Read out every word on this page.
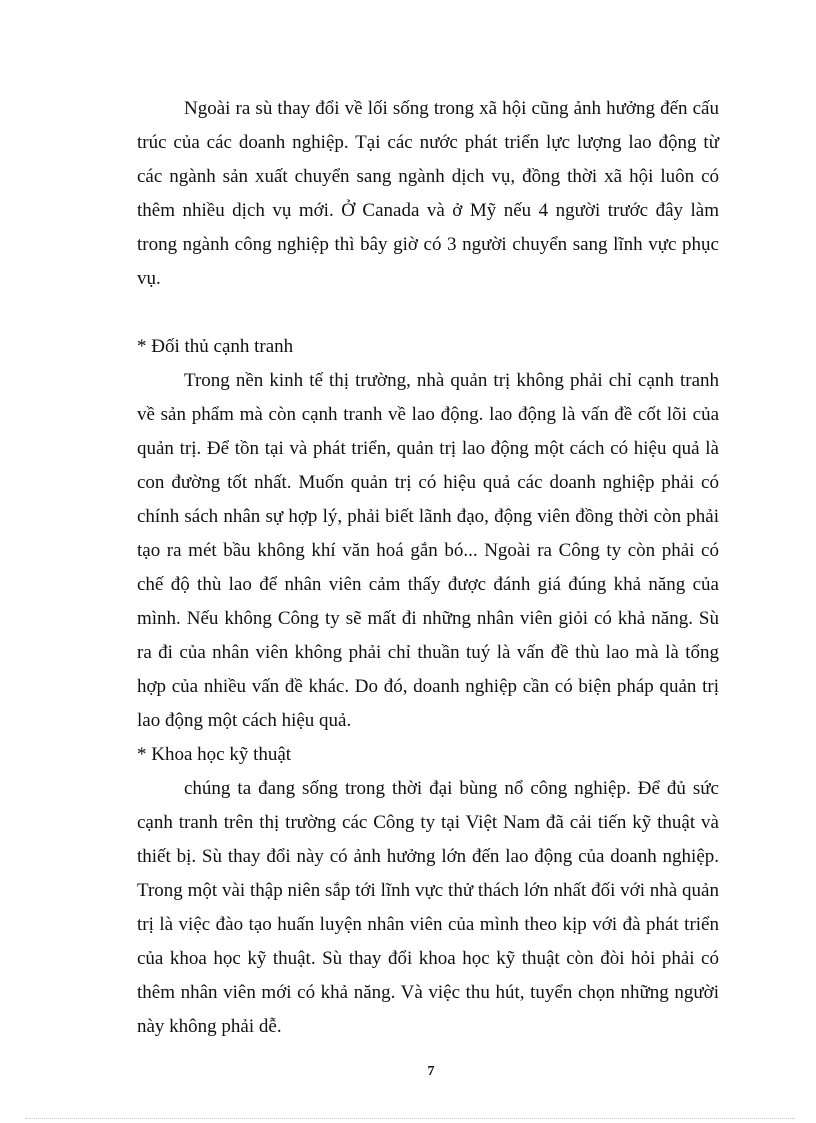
Ngoài ra sù thay đổi về lối sống trong xã hội cũng ảnh hưởng đến cấu trúc của các doanh nghiệp. Tại các nước phát triển lực lượng lao động từ các ngành sản xuất chuyển sang ngành dịch vụ, đồng thời xã hội luôn có thêm nhiều dịch vụ mới. Ở Canada và ở Mỹ nếu 4 người trước đây làm trong ngành công nghiệp thì bây giờ có 3 người chuyển sang lĩnh vực phục vụ.

* Đối thủ cạnh tranh

Trong nền kinh tế thị trường, nhà quản trị không phải chỉ cạnh tranh về sản phẩm mà còn cạnh tranh về lao động. lao động là vấn đề cốt lõi của quản trị. Để tồn tại và phát triển, quản trị lao động một cách có hiệu quả là con đường tốt nhất. Muốn quản trị có hiệu quả các doanh nghiệp phải có chính sách nhân sự hợp lý, phải biết lãnh đạo, động viên đồng thời còn phải tạo ra mét bầu không khí văn hoá gắn bó... Ngoài ra Công ty còn phải có chế độ thù lao để nhân viên cảm thấy được đánh giá đúng khả năng của mình. Nếu không Công ty sẽ mất đi những nhân viên giỏi có khả năng. Sù ra đi của nhân viên không phải chỉ thuần tuý là vấn đề thù lao mà là tổng hợp của nhiều vấn đề khác. Do đó, doanh nghiệp cần có biện pháp quản trị lao động một cách hiệu quả.

* Khoa học kỹ thuật

chúng ta đang sống trong thời đại bùng nổ công nghiệp. Để đủ sức cạnh tranh trên thị trường các Công ty tại Việt Nam đã cải tiến kỹ thuật và thiết bị. Sù thay đổi này có ảnh hưởng lớn đến lao động của doanh nghiệp. Trong một vài thập niên sắp tới lĩnh vực thử thách lớn nhất đối với nhà quản trị là việc đào tạo huấn luyện nhân viên của mình theo kịp với đà phát triển của khoa học kỹ thuật. Sù thay đổi khoa học kỹ thuật còn đòi hỏi phải có thêm nhân viên mới có khả năng. Và việc thu hút, tuyển chọn những người này không phải dễ.

7
